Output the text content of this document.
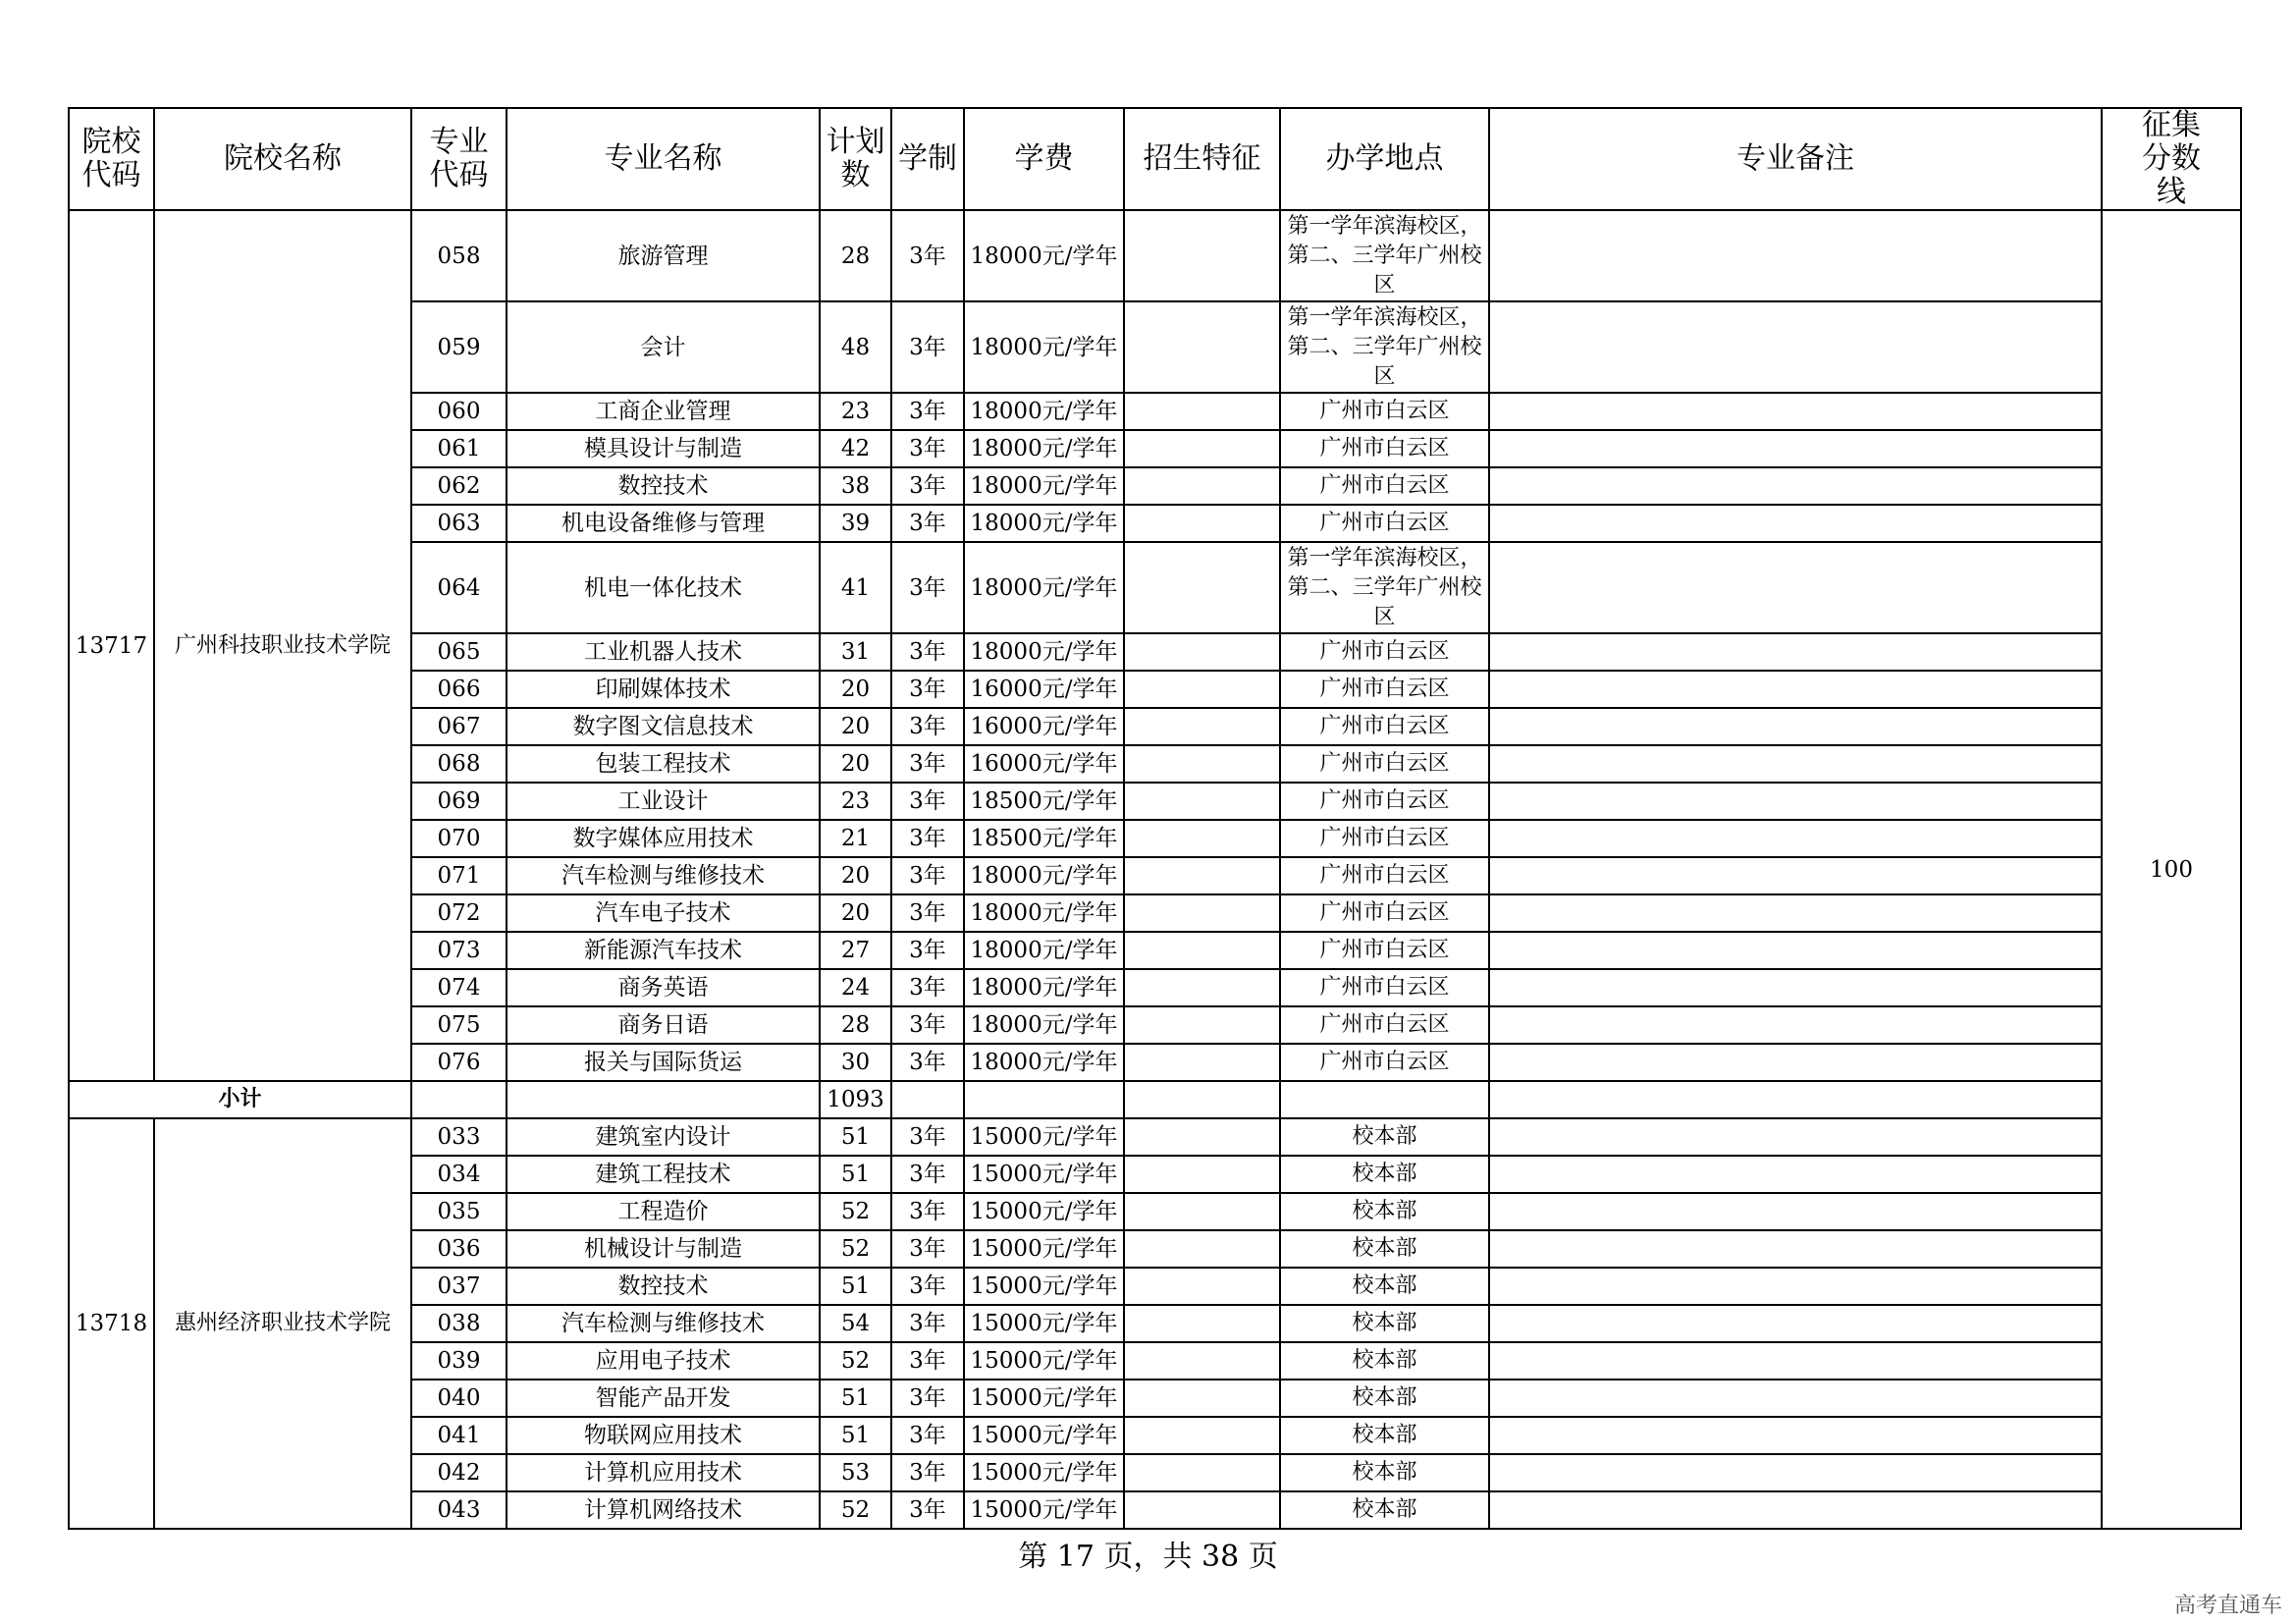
院校代码	院校名称	专业代码	专业名称	计划数	学制	学费	招生特征	办学地点	专业备注	征集分数线
13717	广州科技职业技术学院	058	旅游管理	28	3年	18000元/学年		第一学年滨海校区，第二、三学年广州校区		100
		059	会计	48	3年	18000元/学年		第一学年滨海校区，第二、三学年广州校区		
		060	工商企业管理	23	3年	18000元/学年		广州市白云区		
		061	模具设计与制造	42	3年	18000元/学年		广州市白云区		
		062	数控技术	38	3年	18000元/学年		广州市白云区		
		063	机电设备维修与管理	39	3年	18000元/学年		广州市白云区		
		064	机电一体化技术	41	3年	18000元/学年		第一学年滨海校区，第二、三学年广州校区		
		065	工业机器人技术	31	3年	18000元/学年		广州市白云区		
		066	印刷媒体技术	20	3年	16000元/学年		广州市白云区		
		067	数字图文信息技术	20	3年	16000元/学年		广州市白云区		
		068	包装工程技术	20	3年	16000元/学年		广州市白云区		
		069	工业设计	23	3年	18500元/学年		广州市白云区		
		070	数字媒体应用技术	21	3年	18500元/学年		广州市白云区		
		071	汽车检测与维修技术	20	3年	18000元/学年		广州市白云区		
		072	汽车电子技术	20	3年	18000元/学年		广州市白云区		
		073	新能源汽车技术	27	3年	18000元/学年		广州市白云区		
		074	商务英语	24	3年	18000元/学年		广州市白云区		
		075	商务日语	28	3年	18000元/学年		广州市白云区		
		076	报关与国际货运	30	3年	18000元/学年		广州市白云区		
小计				1093						
13718	惠州经济职业技术学院	033	建筑室内设计	51	3年	15000元/学年		校本部		
		034	建筑工程技术	51	3年	15000元/学年		校本部		
		035	工程造价	52	3年	15000元/学年		校本部		
		036	机械设计与制造	52	3年	15000元/学年		校本部		
		037	数控技术	51	3年	15000元/学年		校本部		
		038	汽车检测与维修技术	54	3年	15000元/学年		校本部		
		039	应用电子技术	52	3年	15000元/学年		校本部		
		040	智能产品开发	51	3年	15000元/学年		校本部		
		041	物联网应用技术	51	3年	15000元/学年		校本部		
		042	计算机应用技术	53	3年	15000元/学年		校本部		
		043	计算机网络技术	52	3年	15000元/学年		校本部		
第 17 页，共 38 页
高考直通车
